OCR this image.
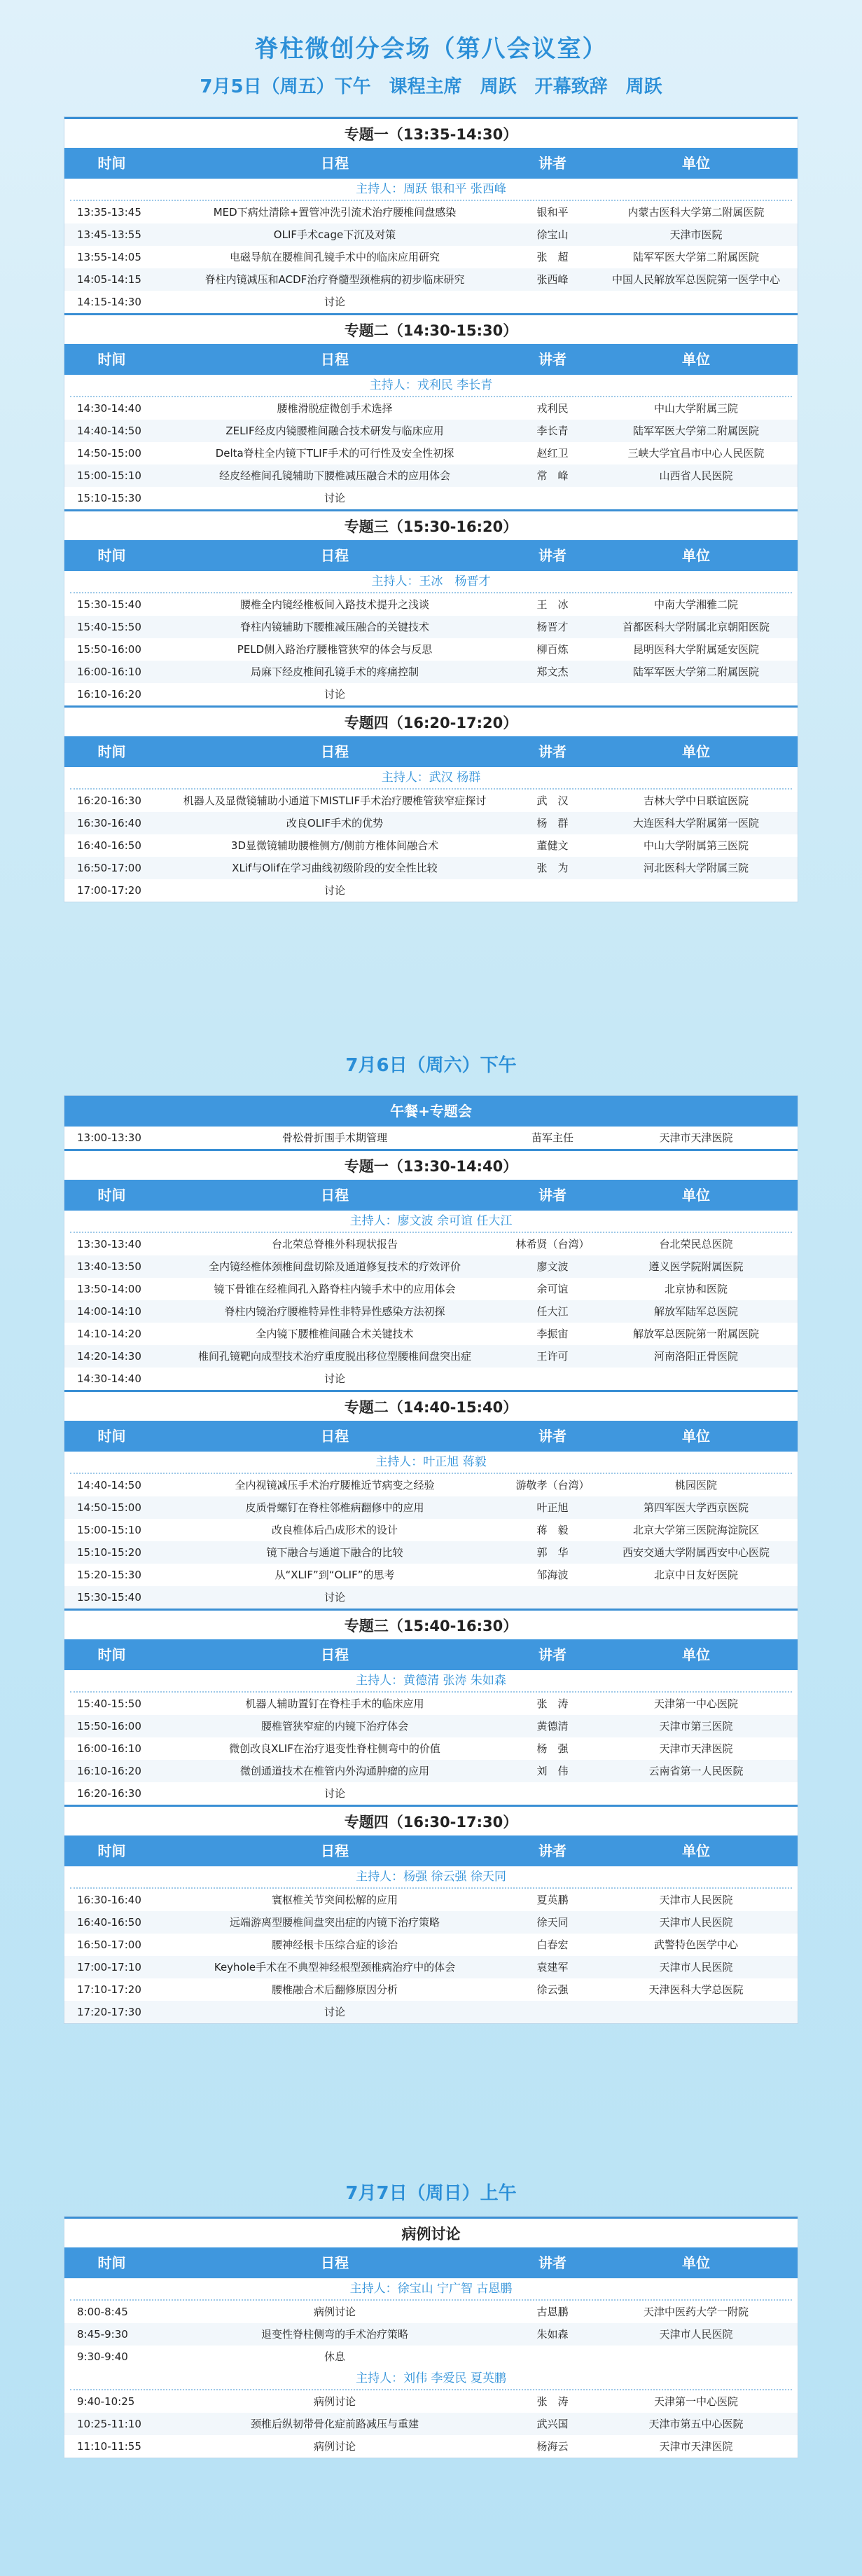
脊柱微创分会场（第八会议室）
7月5日（周五）下午　课程主席　周跃　开幕致辞　周跃
专题一（13:35-14:30）
时间	日程	讲者	单位
主持人：周跃 银和平 张西峰
13:35-13:45	MED下病灶清除+置管冲洗引流术治疗腰椎间盘感染	银和平	内蒙古医科大学第二附属医院
13:45-13:55	OLIF手术cage下沉及对策	徐宝山	天津市医院
13:55-14:05	电磁导航在腰椎间孔镜手术中的临床应用研究	张　超	陆军军医大学第二附属医院
14:05-14:15	脊柱内镜减压和ACDF治疗脊髓型颈椎病的初步临床研究	张西峰	中国人民解放军总医院第一医学中心
14:15-14:30	讨论
专题二（14:30-15:30）
时间	日程	讲者	单位
主持人：戎利民 李长青
14:30-14:40	腰椎滑脱症微创手术选择	戎利民	中山大学附属三院
14:40-14:50	ZELIF经皮内镜腰椎间融合技术研发与临床应用	李长青	陆军军医大学第二附属医院
14:50-15:00	Delta脊柱全内镜下TLIF手术的可行性及安全性初探	赵红卫	三峡大学宜昌市中心人民医院
15:00-15:10	经皮经椎间孔镜辅助下腰椎减压融合术的应用体会	常　峰	山西省人民医院
15:10-15:30	讨论
专题三（15:30-16:20）
时间	日程	讲者	单位
主持人：王冰　杨晋才
15:30-15:40	腰椎全内镜经椎板间入路技术提升之浅谈	王　冰	中南大学湘雅二院
15:40-15:50	脊柱内镜辅助下腰椎减压融合的关键技术	杨晋才	首都医科大学附属北京朝阳医院
15:50-16:00	PELD侧入路治疗腰椎管狭窄的体会与反思	柳百炼	昆明医科大学附属延安医院
16:00-16:10	局麻下经皮椎间孔镜手术的疼痛控制	郑文杰	陆军军医大学第二附属医院
16:10-16:20	讨论
专题四（16:20-17:20）
时间	日程	讲者	单位
主持人：武汉 杨群
16:20-16:30	机器人及显微镜辅助小通道下MISTLIF手术治疗腰椎管狭窄症探讨	武　汉	吉林大学中日联谊医院
16:30-16:40	改良OLIF手术的优势	杨　群	大连医科大学附属第一医院
16:40-16:50	3D显微镜辅助腰椎侧方/侧前方椎体间融合术	董健文	中山大学附属第三医院
16:50-17:00	XLif与Olif在学习曲线初级阶段的安全性比较	张　为	河北医科大学附属三院
17:00-17:20	讨论
7月6日（周六）下午
午餐+专题会
13:00-13:30	骨松骨折围手术期管理	苗军主任	天津市天津医院
专题一（13:30-14:40）
时间	日程	讲者	单位
主持人：廖文波 余可谊 任大江
13:30-13:40	台北荣总脊椎外科现状报告	林希贤（台湾）	台北荣民总医院
13:40-13:50	全内镜经椎体颈椎间盘切除及通道修复技术的疗效评价	廖文波	遵义医学院附属医院
13:50-14:00	镜下骨锥在经椎间孔入路脊柱内镜手术中的应用体会	余可谊	北京协和医院
14:00-14:10	脊柱内镜治疗腰椎特异性非特异性感染方法初探	任大江	解放军陆军总医院
14:10-14:20	全内镜下腰椎椎间融合术关键技术	李振宙	解放军总医院第一附属医院
14:20-14:30	椎间孔镜靶向成型技术治疗重度脱出移位型腰椎间盘突出症	王许可	河南洛阳正骨医院
14:30-14:40	讨论
专题二（14:40-15:40）
时间	日程	讲者	单位
主持人：叶正旭 蒋毅
14:40-14:50	全内视镜减压手术治疗腰椎近节病变之经验	游敬孝（台湾）	桃园医院
14:50-15:00	皮质骨螺钉在脊柱邻椎病翻修中的应用	叶正旭	第四军医大学西京医院
15:00-15:10	改良椎体后凸成形术的设计	蒋　毅	北京大学第三医院海淀院区
15:10-15:20	镜下融合与通道下融合的比较	郭　华	西安交通大学附属西安中心医院
15:20-15:30	从“XLIF”到“OLIF”的思考	邹海波	北京中日友好医院
15:30-15:40	讨论
专题三（15:40-16:30）
时间	日程	讲者	单位
主持人：黄德清 张涛 朱如森
15:40-15:50	机器人辅助置钉在脊柱手术的临床应用	张　涛	天津第一中心医院
15:50-16:00	腰椎管狭窄症的内镜下治疗体会	黄德清	天津市第三医院
16:00-16:10	微创改良XLIF在治疗退变性脊柱侧弯中的价值	杨　强	天津市天津医院
16:10-16:20	微创通道技术在椎管内外沟通肿瘤的应用	刘　伟	云南省第一人民医院
16:20-16:30	讨论
专题四（16:30-17:30）
时间	日程	讲者	单位
主持人：杨强 徐云强 徐天同
16:30-16:40	寰枢椎关节突间松解的应用	夏英鹏	天津市人民医院
16:40-16:50	远端游离型腰椎间盘突出症的内镜下治疗策略	徐天同	天津市人民医院
16:50-17:00	腰神经根卡压综合症的诊治	白春宏	武警特色医学中心
17:00-17:10	Keyhole手术在不典型神经根型颈椎病治疗中的体会	袁建军	天津市人民医院
17:10-17:20	腰椎融合术后翻修原因分析	徐云强	天津医科大学总医院
17:20-17:30	讨论
7月7日（周日）上午
病例讨论
时间	日程	讲者	单位
主持人：徐宝山 宁广智 古恩鹏
8:00-8:45	病例讨论	古恩鹏	天津中医药大学一附院
8:45-9:30	退变性脊柱侧弯的手术治疗策略	朱如森	天津市人民医院
9:30-9:40	休息
主持人：刘伟 李爱民 夏英鹏
9:40-10:25	病例讨论	张　涛	天津第一中心医院
10:25-11:10	颈椎后纵韧带骨化症前路减压与重建	武兴国	天津市第五中心医院
11:10-11:55	病例讨论	杨海云	天津市天津医院
